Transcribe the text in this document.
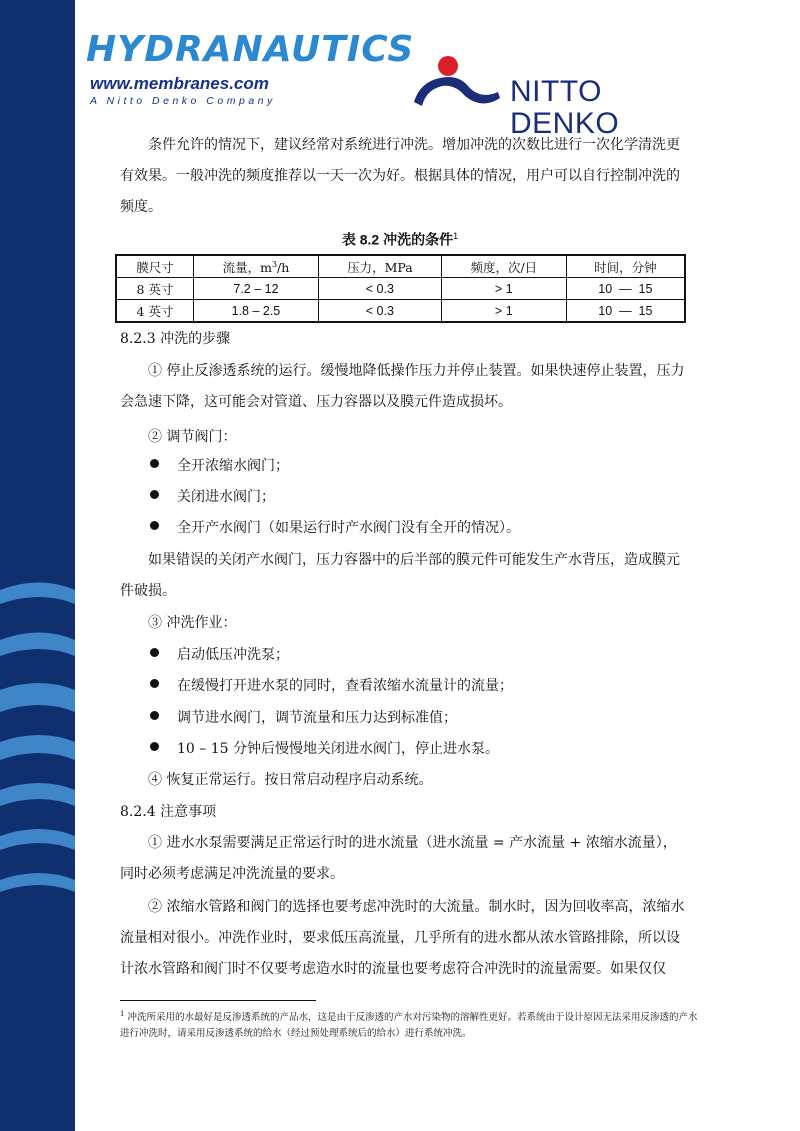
HYDRANAUTICS
www.membranes.com
A Nitto Denko Company	NITTO DENKO

条件允许的情况下，建议经常对系统进行冲洗。增加冲洗的次数比进行一次化学清洗更有效果。一般冲洗的频度推荐以一天一次为好。根据具体的情况，用户可以自行控制冲洗的频度。

表 8.2 冲洗的条件$^1$
膜尺寸	流量，$m^3/h$	压力，MPa	频度，次/日	时间，分钟
8 英寸	7.2 – 12	< 0.3	> 1	10  —  15
4 英寸	1.8 – 2.5	< 0.3	> 1	10  —  15
8.2.3 冲洗的步骤

① 停止反渗透系统的运行。缓慢地降低操作压力并停止装置。如果快速停止装置，压力会急速下降，这可能会对管道、压力容器以及膜元件造成损坏。

② 调节阀门：

全开浓缩水阀门；
关闭进水阀门；
全开产水阀门（如果运行时产水阀门没有全开的情况）。

如果错误的关闭产水阀门，压力容器中的后半部的膜元件可能发生产水背压，造成膜元件破损。

③ 冲洗作业：

启动低压冲洗泵；
在缓慢打开进水泵的同时，查看浓缩水流量计的流量；
调节进水阀门，调节流量和压力达到标准值；
10 – 15 分钟后慢慢地关闭进水阀门，停止进水泵。

④ 恢复正常运行。按日常启动程序启动系统。

8.2.4 注意事项

① 进水水泵需要满足正常运行时的进水流量（进水流量 = 产水流量 + 浓缩水流量），同时必须考虑满足冲洗流量的要求。

② 浓缩水管路和阀门的选择也要考虑冲洗时的大流量。制水时，因为回收率高，浓缩水流量相对很小。冲洗作业时，要求低压高流量，几乎所有的进水都从浓水管路排除，所以设计浓水管路和阀门时不仅要考虑造水时的流量也要考虑符合冲洗时的流量需要。如果仅仅

$^1$ 冲洗所采用的水最好是反渗透系统的产品水，这是由于反渗透的产水对污染物的溶解性更好。若系统由于设计原因无法采用反渗透的产水进行冲洗时，请采用反渗透系统的给水（经过预处理系统后的给水）进行系统冲洗。
